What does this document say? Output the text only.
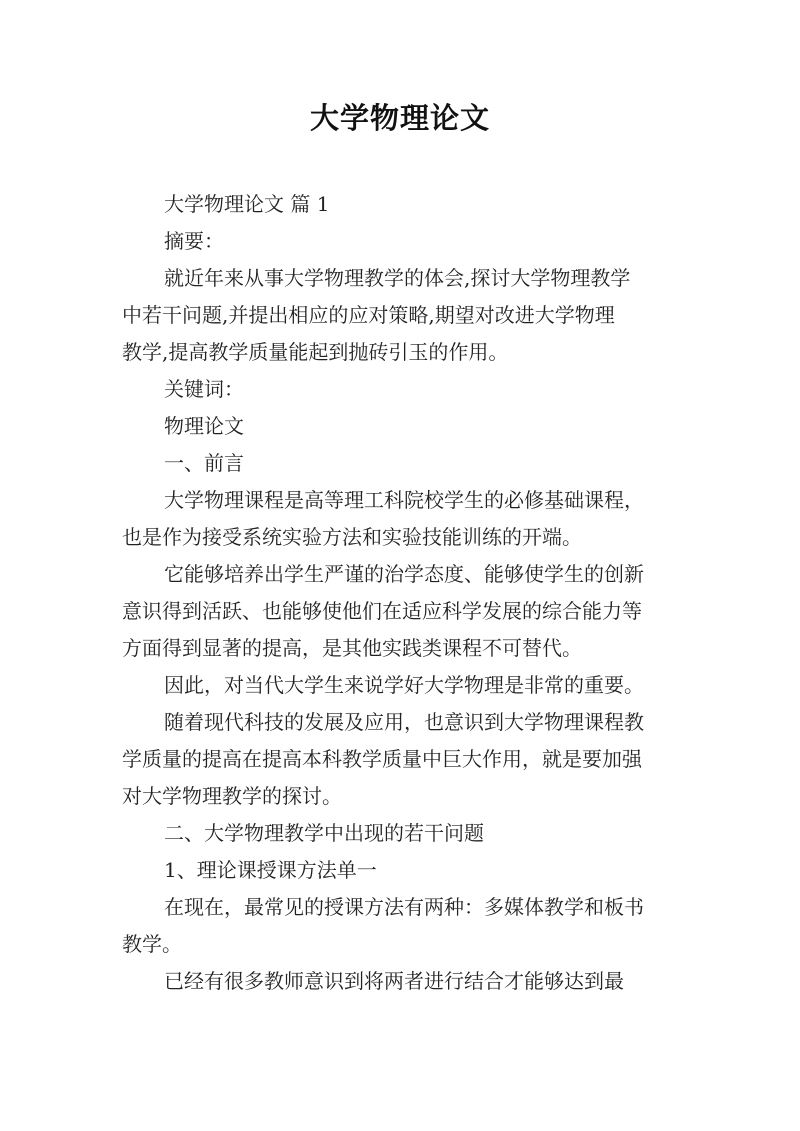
大学物理论文
大学物理论文 篇 1
摘要：
就近年来从事大学物理教学的体会,探讨大学物理教学
中若干问题,并提出相应的应对策略,期望对改进大学物理
教学,提高教学质量能起到抛砖引玉的作用。
关键词：
物理论文
一、前言
大学物理课程是高等理工科院校学生的必修基础课程，
也是作为接受系统实验方法和实验技能训练的开端。
它能够培养出学生严谨的治学态度、能够使学生的创新
意识得到活跃、也能够使他们在适应科学发展的综合能力等
方面得到显著的提高，是其他实践类课程不可替代。
因此，对当代大学生来说学好大学物理是非常的重要。
随着现代科技的发展及应用，也意识到大学物理课程教
学质量的提高在提高本科教学质量中巨大作用，就是要加强
对大学物理教学的探讨。
二、大学物理教学中出现的若干问题
1、理论课授课方法单一
在现在，最常见的授课方法有两种：多媒体教学和板书
教学。
已经有很多教师意识到将两者进行结合才能够达到最
